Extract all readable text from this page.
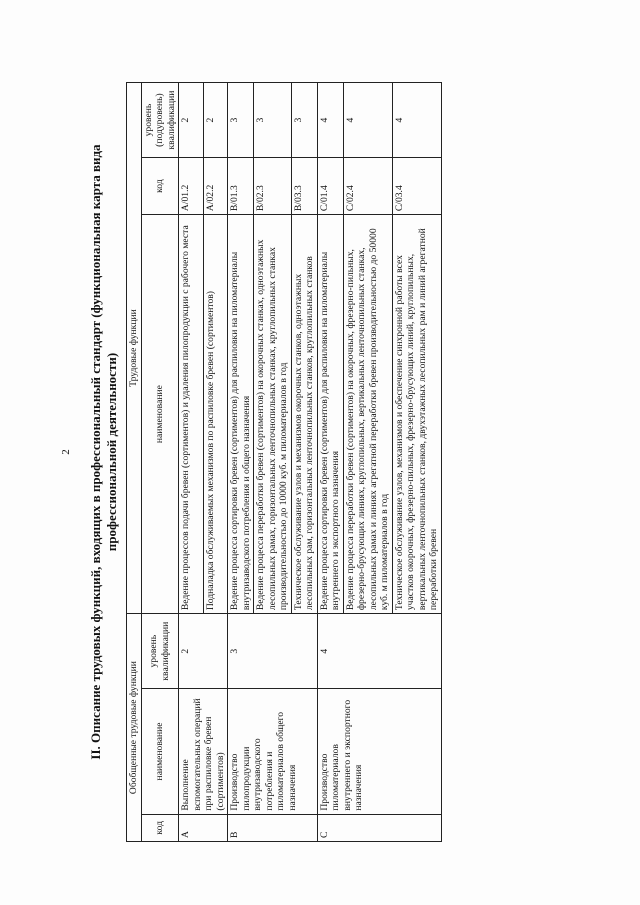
2 II. Описание трудовых функций, входящих в профессиональный стандарт (функциональная карта вида профессиональной деятельности)
Обобщенные трудовые функции			Трудовые функции		
код	наименование	уровень квалификации	наименование	код	уровень (подуровень) квалификации
A	Выполнение вспомогательных операций при распиловке бревен (сортиментов)	2	Ведение процессов подачи бревен (сортиментов) и удаления пилопродукции с рабочего места	A/01.2	2
			Подналадка обслуживаемых механизмов по распиловке бревен (сортиментов)	A/02.2	2
B	Производство пилопродукции внутризаводского потребления и пиломатериалов общего назначения	3	Ведение процесса сортировки бревен (сортиментов) для распиловки на пиломатериалы внутризаводского потребления и общего назначения	B/01.3	3
			Ведение процесса переработки бревен (сортиментов) на окорочных станках, одноэтажных лесопильных рамах, горизонтальных ленточнопильных станках, круглопильных станках производительностью до 10000 куб. м пиломатериалов в год	B/02.3	3
			Техническое обслуживание узлов и механизмов окорочных станков, одноэтажных лесопильных рам, горизонтальных ленточнопильных станков, круглопильных станков	B/03.3	3
C	Производство пиломатериалов внутреннего и экспортного назначения	4	Ведение процесса сортировки бревен (сортиментов) для распиловки на пиломатериалы внутреннего и экспортного назначения	C/01.4	4
			Ведение процесса переработки бревен (сортиментов) на окорочных, фрезерно-пильных, фрезерно-брусующих линиях, круглопильных, вертикальных ленточнопильных станках, лесопильных рамах и линиях агрегатной переработки бревен производительностью до 50000 куб. м пиломатериалов в год	C/02.4	4
			Техническое обслуживание узлов, механизмов и обеспечение синхронной работы всех участков окорочных, фрезерно-пильных, фрезерно-брусующих линий, круглопильных, вертикальных ленточнопильных станков, двухэтажных лесопильных рам и линий агрегатной переработки бревен	C/03.4	4
